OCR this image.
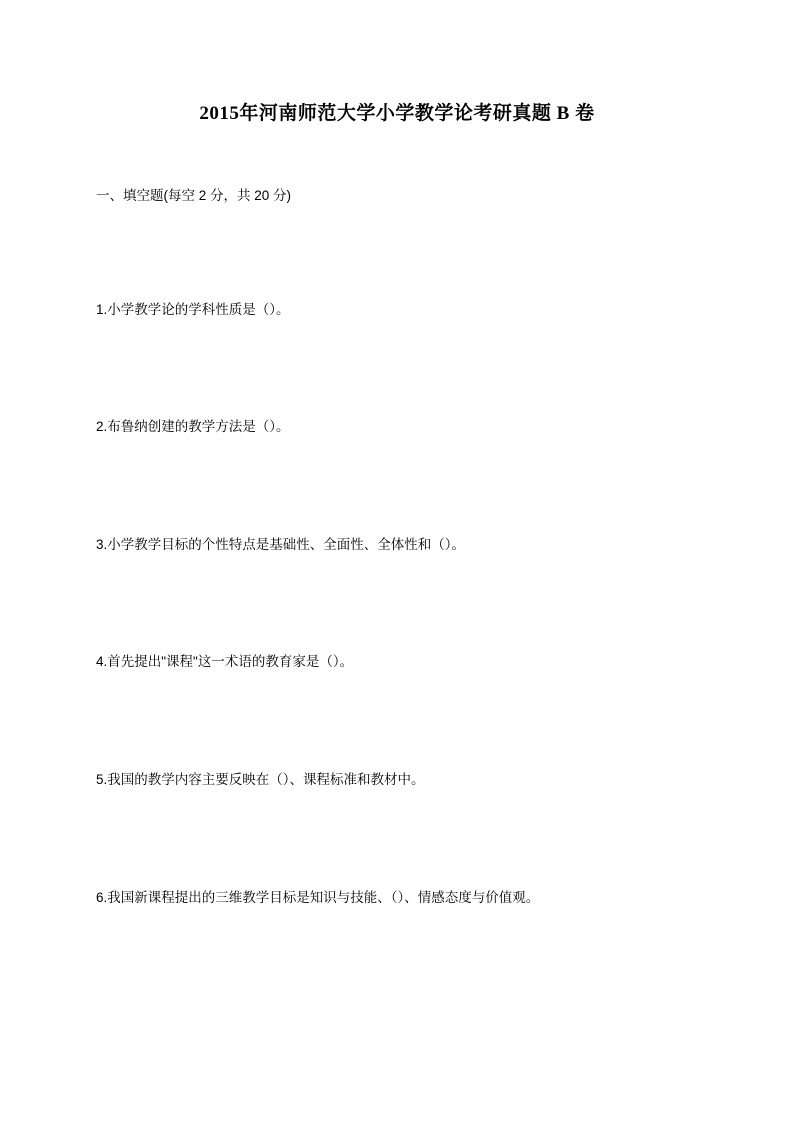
2015年河南师范大学小学教学论考研真题 B 卷
一、填空题(每空 2 分，共 20 分)
1.小学教学论的学科性质是（）。
2.布鲁纳创建的教学方法是（）。
3.小学教学目标的个性特点是基础性、全面性、全体性和（）。
4.首先提出"课程"这一术语的教育家是（）。
5.我国的教学内容主要反映在（）、课程标准和教材中。
6.我国新课程提出的三维教学目标是知识与技能、（）、情感态度与价值观。
